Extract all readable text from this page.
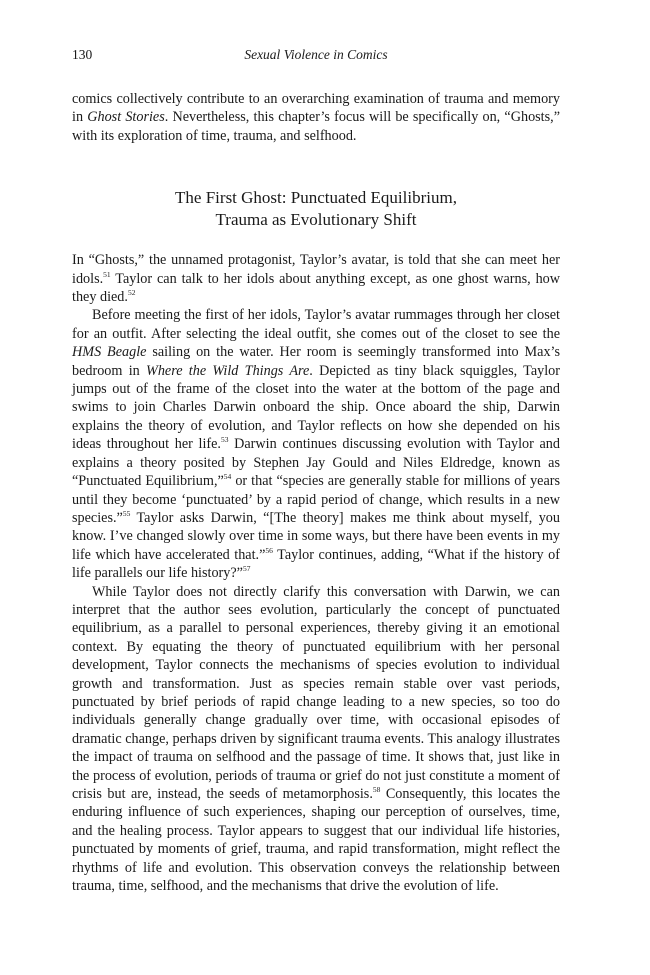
130	Sexual Violence in Comics

comics collectively contribute to an overarching examination of trauma and memory in Ghost Stories. Nevertheless, this chapter’s focus will be specifically on, “Ghosts,” with its exploration of time, trauma, and selfhood.

The First Ghost: Punctuated Equilibrium,
Trauma as Evolutionary Shift

In “Ghosts,” the unnamed protagonist, Taylor’s avatar, is told that she can meet her idols.$^{51}$ Taylor can talk to her idols about anything except, as one ghost warns, how they died.$^{52}$

Before meeting the first of her idols, Taylor’s avatar rummages through her closet for an outfit. After selecting the ideal outfit, she comes out of the closet to see the HMS Beagle sailing on the water. Her room is seemingly transformed into Max’s bedroom in Where the Wild Things Are. Depicted as tiny black squiggles, Taylor jumps out of the frame of the closet into the water at the bottom of the page and swims to join Charles Darwin onboard the ship. Once aboard the ship, Darwin explains the theory of evolution, and Taylor reflects on how she depended on his ideas throughout her life.$^{53}$ Darwin continues discussing evolution with Taylor and explains a theory posited by Stephen Jay Gould and Niles Eldredge, known as “Punctuated Equilibrium,”$^{54}$ or that “species are generally stable for millions of years until they become ‘punctuated’ by a rapid period of change, which results in a new species.”$^{55}$ Taylor asks Darwin, “[The theory] makes me think about myself, you know. I’ve changed slowly over time in some ways, but there have been events in my life which have accelerated that.”$^{56}$ Taylor continues, adding, “What if the history of life parallels our life history?”$^{57}$

While Taylor does not directly clarify this conversation with Darwin, we can interpret that the author sees evolution, particularly the concept of punctuated equilibrium, as a parallel to personal experiences, thereby giving it an emotional context. By equating the theory of punctuated equilibrium with her personal development, Taylor connects the mechanisms of species evolution to individual growth and transformation. Just as species remain stable over vast periods, punctuated by brief periods of rapid change leading to a new species, so too do individuals generally change gradually over time, with occasional episodes of dramatic change, perhaps driven by significant trauma events. This analogy illustrates the impact of trauma on selfhood and the passage of time. It shows that, just like in the process of evolution, periods of trauma or grief do not just constitute a moment of crisis but are, instead, the seeds of metamorphosis.$^{58}$ Consequently, this locates the enduring influence of such experiences, shaping our perception of ourselves, time, and the healing process. Taylor appears to suggest that our individual life histories, punctuated by moments of grief, trauma, and rapid transformation, might reflect the rhythms of life and evolution. This observation conveys the relationship between trauma, time, selfhood, and the mechanisms that drive the evolution of life.
